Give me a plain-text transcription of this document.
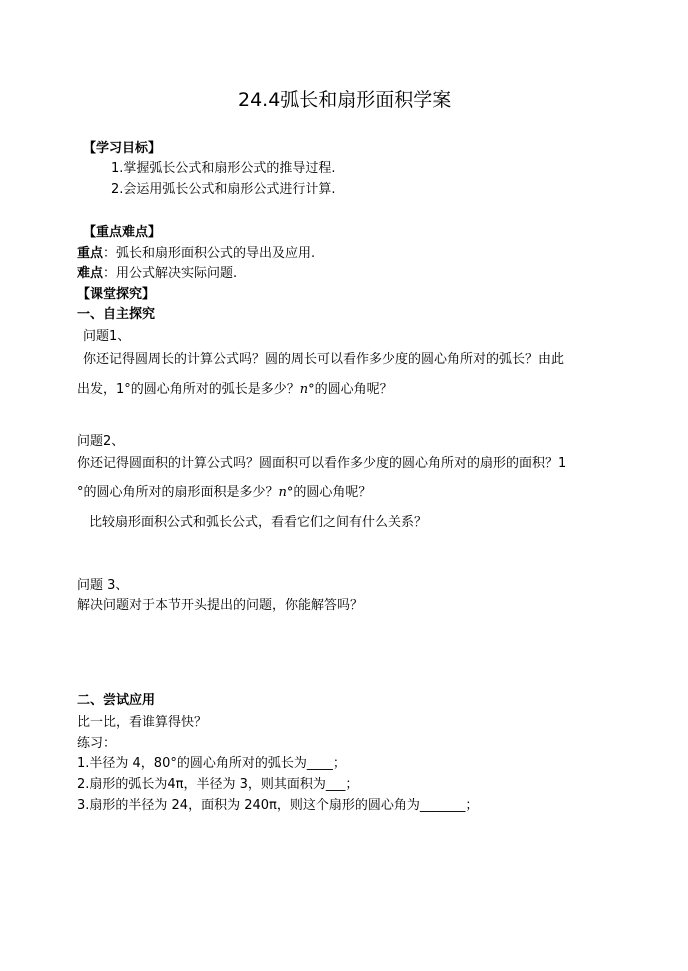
24.4弧长和扇形面积学案
【学习目标】
1.掌握弧长公式和扇形公式的推导过程.
2.会运用弧长公式和扇形公式进行计算.
【重点难点】
重点：弧长和扇形面积公式的导出及应用.
难点：用公式解决实际问题.
【课堂探究】
一、自主探究
问题1、
你还记得圆周长的计算公式吗？圆的周长可以看作多少度的圆心角所对的弧长？由此
出发，1°的圆心角所对的弧长是多少？n°的圆心角呢？
问题2、
你还记得圆面积的计算公式吗？圆面积可以看作多少度的圆心角所对的扇形的面积？1
°的圆心角所对的扇形面积是多少？n°的圆心角呢？
比较扇形面积公式和弧长公式，看看它们之间有什么关系？
问题 3、
解决问题对于本节开头提出的问题，你能解答吗？
二、尝试应用
比一比，看谁算得快？
练习：
1.半径为 4，80°的圆心角所对的弧长为____；
2.扇形的弧长为4π，半径为 3，则其面积为___；
3.扇形的半径为 24，面积为 240π，则这个扇形的圆心角为_______；
